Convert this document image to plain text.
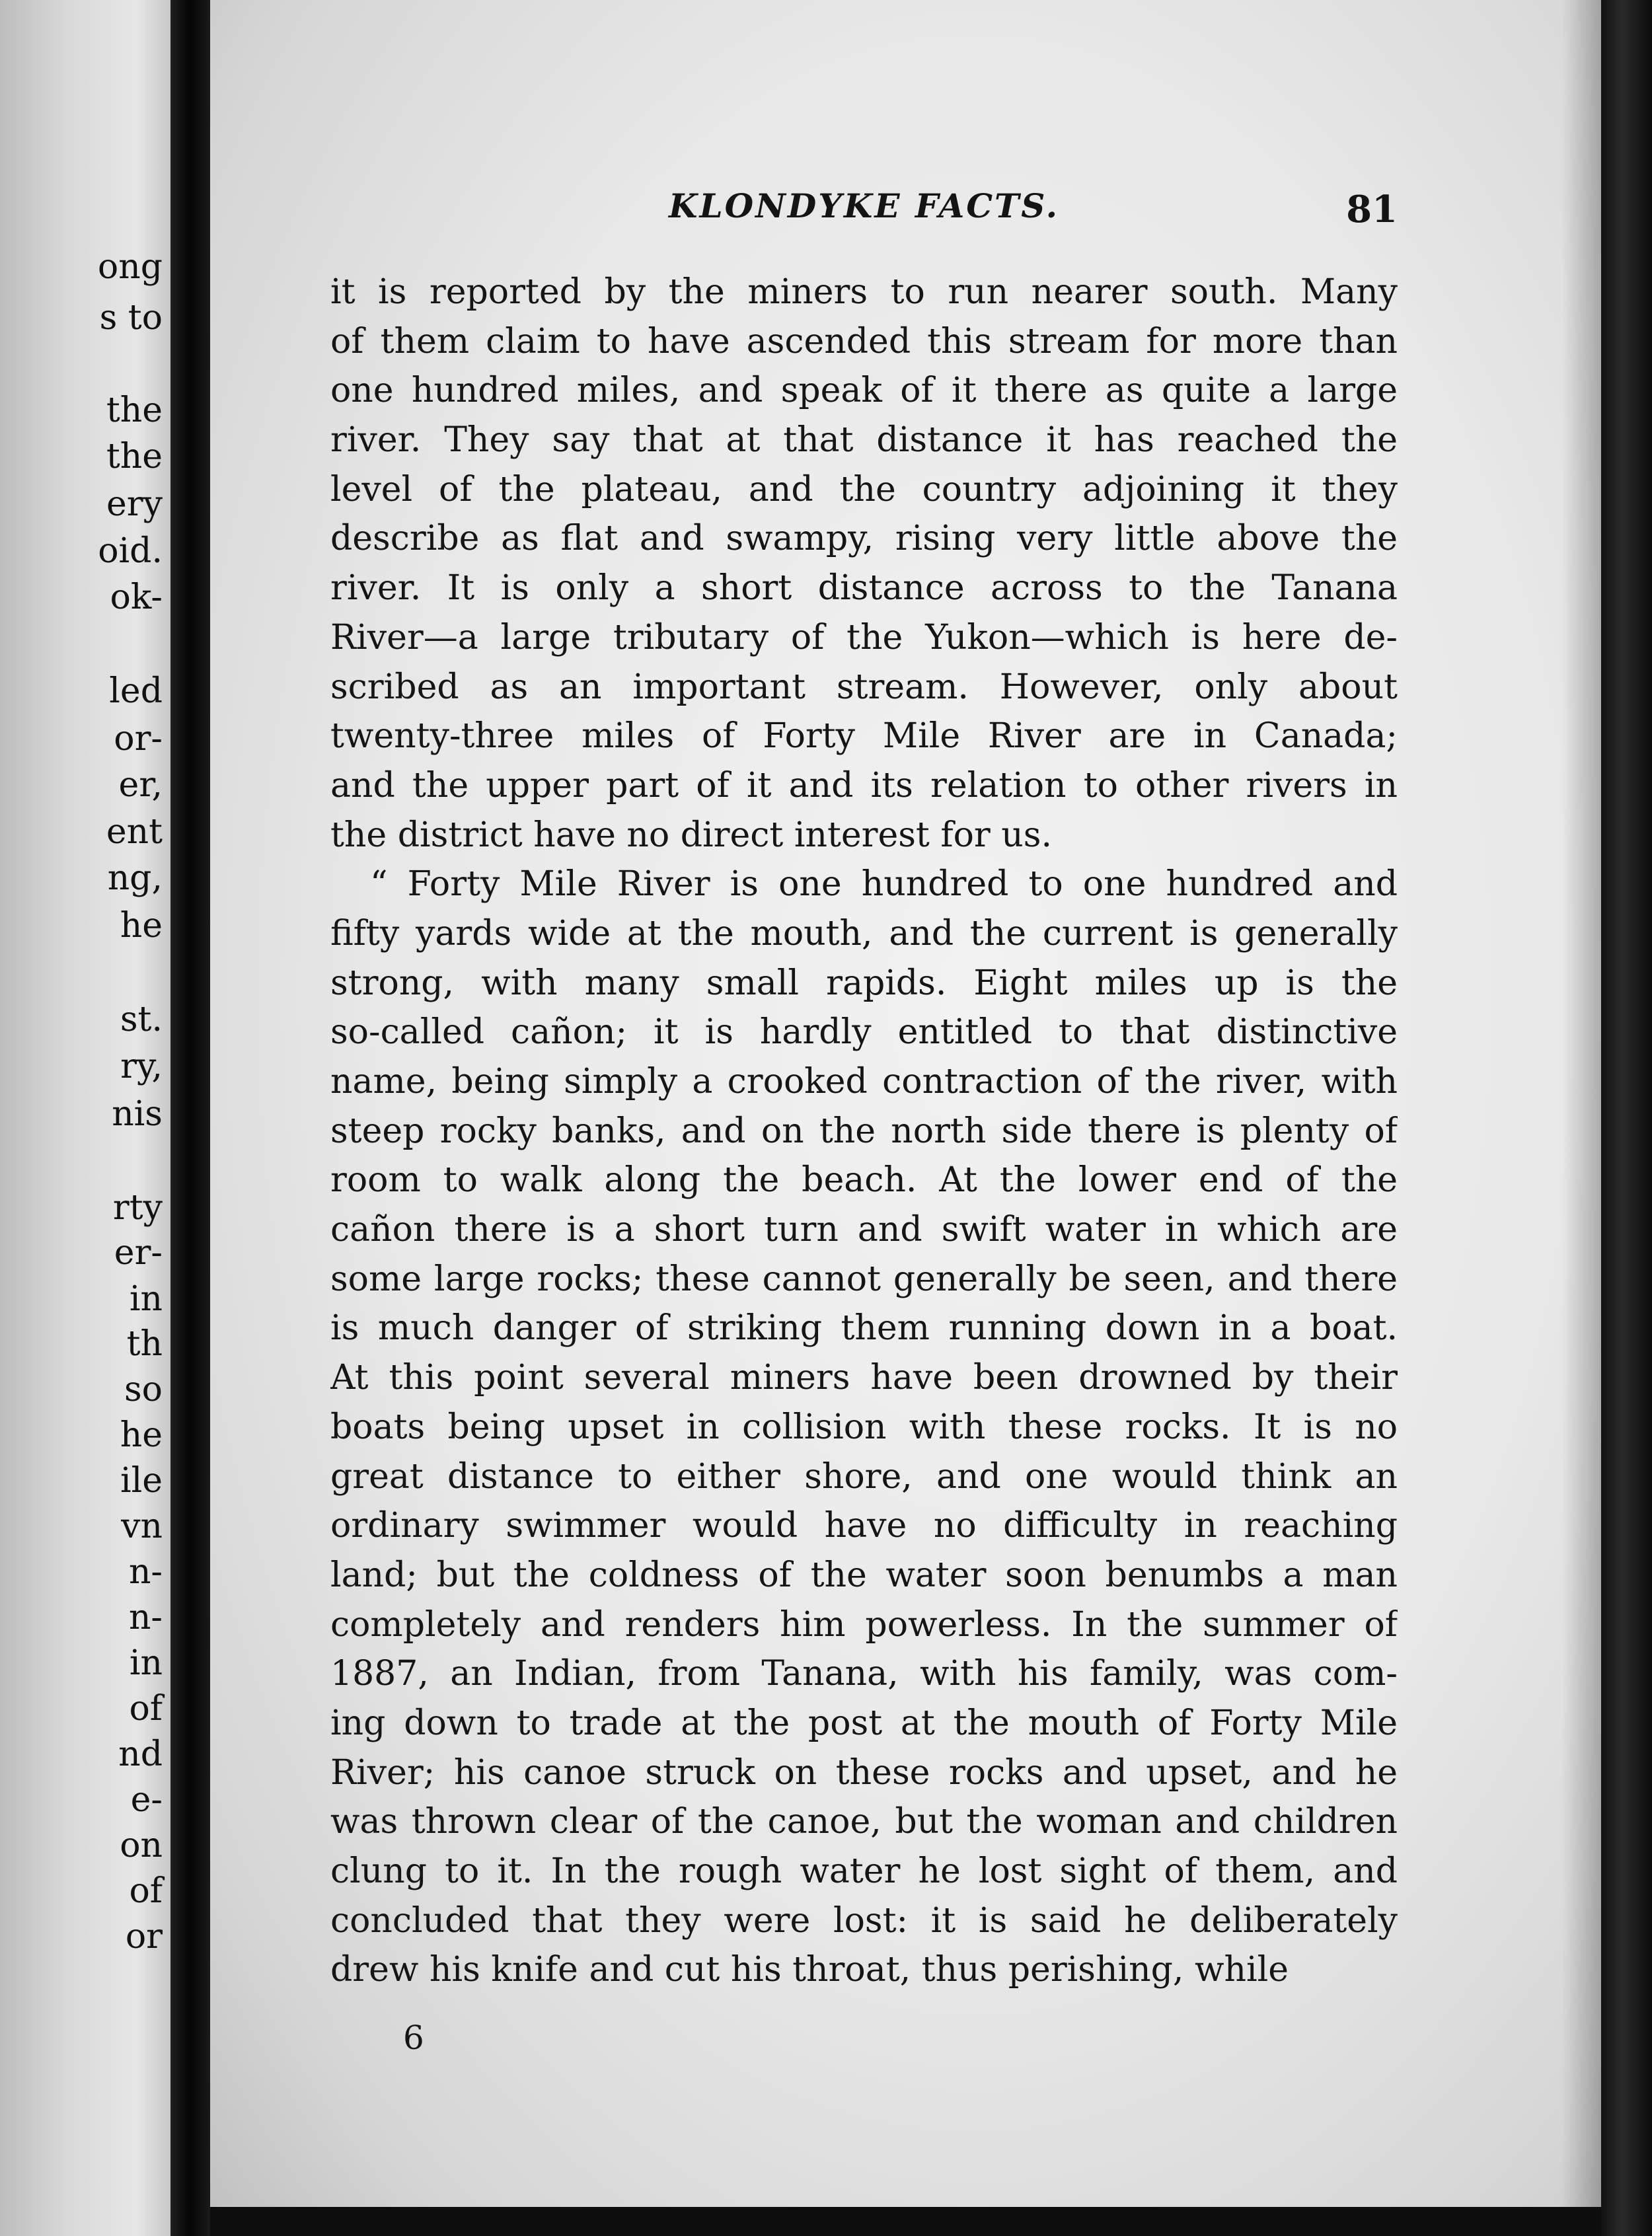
ong
s to
the
the
ery
oid.
ok-
led
or-
er,
ent
ng,
he
st.
ry,
nis
rty
er-
in
th
so
he
ile
vn
n-
n-
in
of
nd
e-
on
of
or
KLONDYKE FACTS.	81
it is reported by the miners to run nearer south. Many
of them claim to have ascended this stream for more than
one hundred miles, and speak of it there as quite a large
river. They say that at that distance it has reached the
level of the plateau, and the country adjoining it they
describe as flat and swampy, rising very little above the
river. It is only a short distance across to the Tanana
River—a large tributary of the Yukon—which is here de-
scribed as an important stream. However, only about
twenty-three miles of Forty Mile River are in Canada;
and the upper part of it and its relation to other rivers in
the district have no direct interest for us.
“ Forty Mile River is one hundred to one hundred and
fifty yards wide at the mouth, and the current is generally
strong, with many small rapids. Eight miles up is the
so-called cañon; it is hardly entitled to that distinctive
name, being simply a crooked contraction of the river, with
steep rocky banks, and on the north side there is plenty of
room to walk along the beach. At the lower end of the
cañon there is a short turn and swift water in which are
some large rocks; these cannot generally be seen, and there
is much danger of striking them running down in a boat.
At this point several miners have been drowned by their
boats being upset in collision with these rocks. It is no
great distance to either shore, and one would think an
ordinary swimmer would have no difficulty in reaching
land; but the coldness of the water soon benumbs a man
completely and renders him powerless. In the summer of
1887, an Indian, from Tanana, with his family, was com-
ing down to trade at the post at the mouth of Forty Mile
River; his canoe struck on these rocks and upset, and he
was thrown clear of the canoe, but the woman and children
clung to it. In the rough water he lost sight of them, and
concluded that they were lost: it is said he deliberately
drew his knife and cut his throat, thus perishing, while
6
